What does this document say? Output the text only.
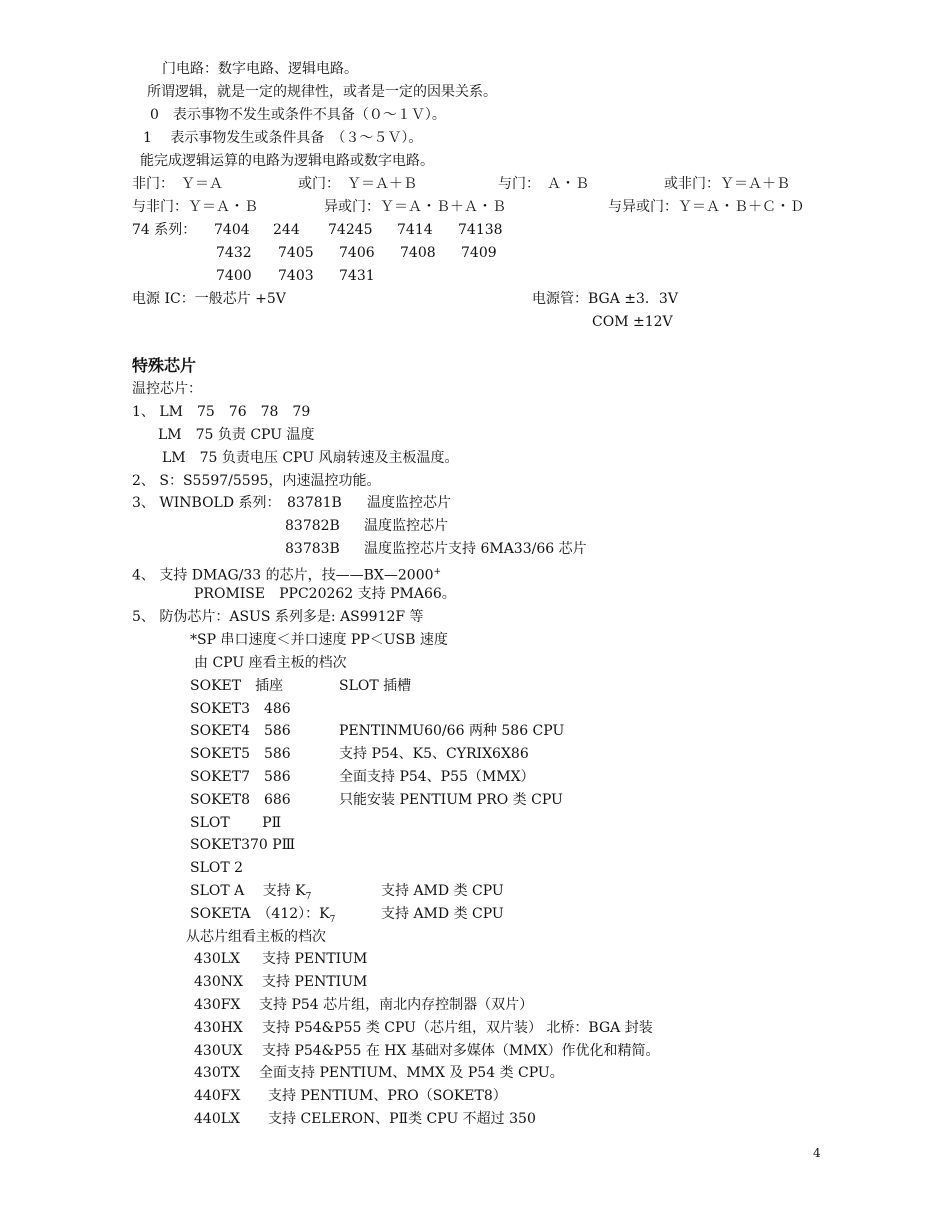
门电路：数字电路、逻辑电路。
所谓逻辑，就是一定的规律性，或者是一定的因果关系。
0　表示事物不发生或条件不具备（０～１Ｖ）。
1　 表示事物发生或条件具备　（３～５Ｖ）。
能完成逻辑运算的电路为逻辑电路或数字电路。
非门：　Ｙ＝Ａ	或门：　Ｙ＝Ａ＋Ｂ	与门：　Ａ・Ｂ	或非门：Ｙ＝Ａ＋Ｂ
与非门：Ｙ＝Ａ・Ｂ	异或门：Ｙ＝Ａ・Ｂ＋Ａ・Ｂ	与异或门：Ｙ＝Ａ・Ｂ＋Ｃ・Ｄ
74 系列： 7404 244 74245 7414 74138
7432 7405 7406 7408 7409
7400 7403 7431
电源 IC：一般芯片 +5V	电源管：BGA ±3．3V
COM ±12V
特殊芯片
温控芯片：
1、 LM　75　76　78　79
LM　75 负责 CPU 温度
LM　75 负责电压 CPU 风扇转速及主板温度。
2、 S：S5597/5595，内速温控功能。
3、 WINBOLD 系列： 83781B 温度监控芯片
83782B 温度监控芯片
83783B 温度监控芯片支持 6MA33/66 芯片
4、 支持 DMAG/33 的芯片，技——BX—2000+
PROMISE　PPC20262 支持 PMA66。
5、 防伪芯片：ASUS 系列多是: AS9912F 等
*SP 串口速度＜并口速度 PP＜USB 速度
由 CPU 座看主板的档次
SOKET　插座	SLOT 插槽
SOKET3　486
SOKET4　586	PENTINMU60/66 两种 586 CPU
SOKET5　586	支持 P54、K5、CYRIX6X86
SOKET7　586	全面支持 P54、P55（MMX）
SOKET8　686	只能安装 PENTIUM PRO 类 CPU
SLOT　　 PⅡ
SOKET370 PⅢ
SLOT 2
SLOT A　 支持 $K_7$	支持 AMD 类 CPU
SOKETA　（412）：$K_7$	支持 AMD 类 CPU
从芯片组看主板的档次
430LX 支持 PENTIUM
430NX 支持 PENTIUM
430FX 支持 P54 芯片组，南北内存控制器（双片）
430HX 支持 P54&P55 类 CPU（芯片组，双片装） 北桥：BGA 封装
430UX 支持 P54&P55 在 HX 基础对多媒体（MMX）作优化和精简。
430TX 全面支持 PENTIUM、MMX 及 P54 类 CPU。
440FX 支持 PENTIUM、PRO（SOKET8）
440LX 支持 CELERON、PⅡ类 CPU 不超过 350
4
